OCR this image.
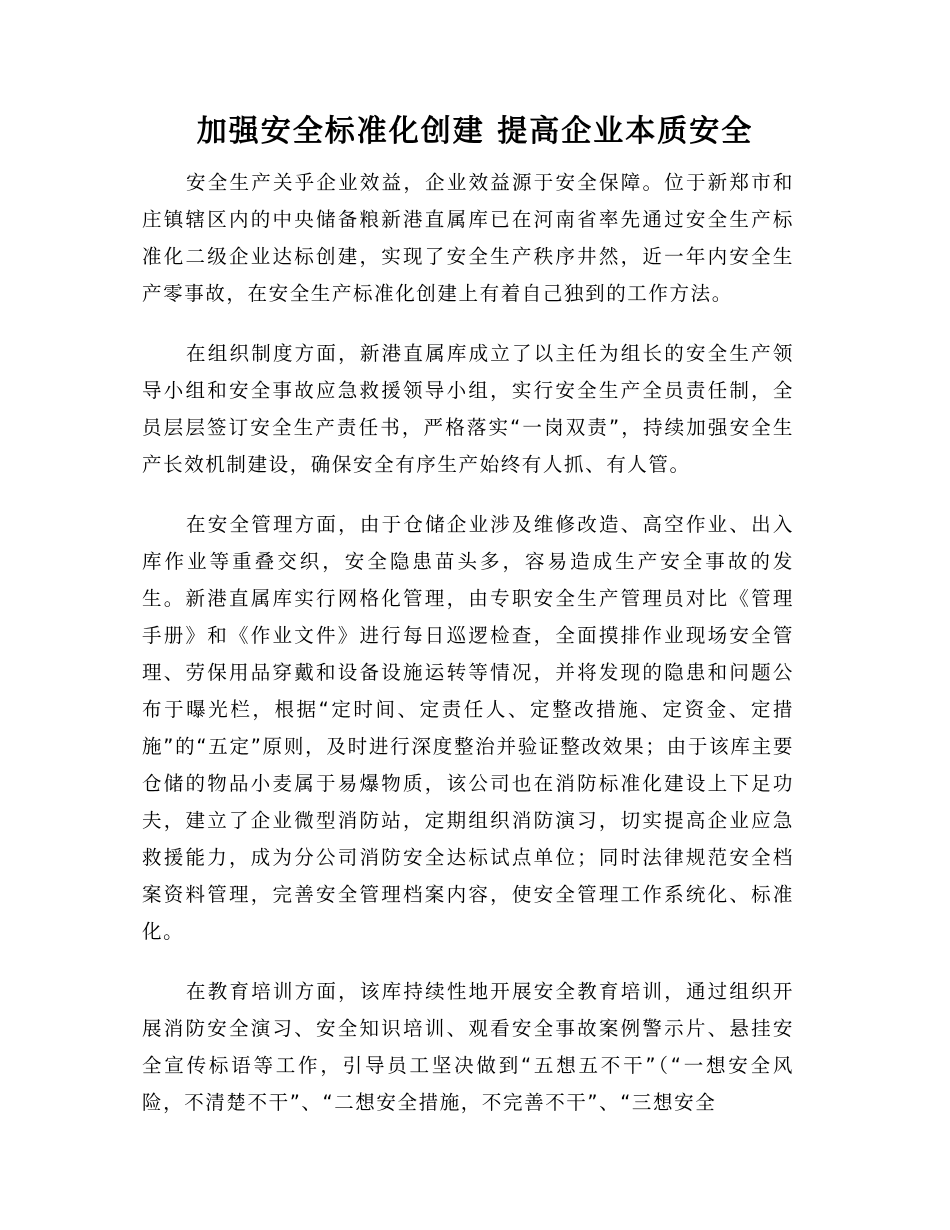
加强安全标准化创建 提高企业本质安全

安全生产关乎企业效益，企业效益源于安全保障。位于新郑市和庄镇辖区内的中央储备粮新港直属库已在河南省率先通过安全生产标准化二级企业达标创建，实现了安全生产秩序井然，近一年内安全生产零事故，在安全生产标准化创建上有着自己独到的工作方法。

在组织制度方面，新港直属库成立了以主任为组长的安全生产领导小组和安全事故应急救援领导小组，实行安全生产全员责任制，全员层层签订安全生产责任书，严格落实“一岗双责”，持续加强安全生产长效机制建设，确保安全有序生产始终有人抓、有人管。

在安全管理方面，由于仓储企业涉及维修改造、高空作业、出入库作业等重叠交织，安全隐患苗头多，容易造成生产安全事故的发生。新港直属库实行网格化管理，由专职安全生产管理员对比《管理手册》和《作业文件》进行每日巡逻检查，全面摸排作业现场安全管理、劳保用品穿戴和设备设施运转等情况，并将发现的隐患和问题公布于曝光栏，根据“定时间、定责任人、定整改措施、定资金、定措施”的“五定”原则，及时进行深度整治并验证整改效果；由于该库主要仓储的物品小麦属于易爆物质，该公司也在消防标准化建设上下足功夫，建立了企业微型消防站，定期组织消防演习，切实提高企业应急救援能力，成为分公司消防安全达标试点单位；同时法律规范安全档案资料管理，完善安全管理档案内容，使安全管理工作系统化、标准化。

在教育培训方面，该库持续性地开展安全教育培训，通过组织开展消防安全演习、安全知识培训、观看安全事故案例警示片、悬挂安全宣传标语等工作，引导员工坚决做到“五想五不干”（“一想安全风险，不清楚不干”、“二想安全措施，不完善不干”、“三想安全
